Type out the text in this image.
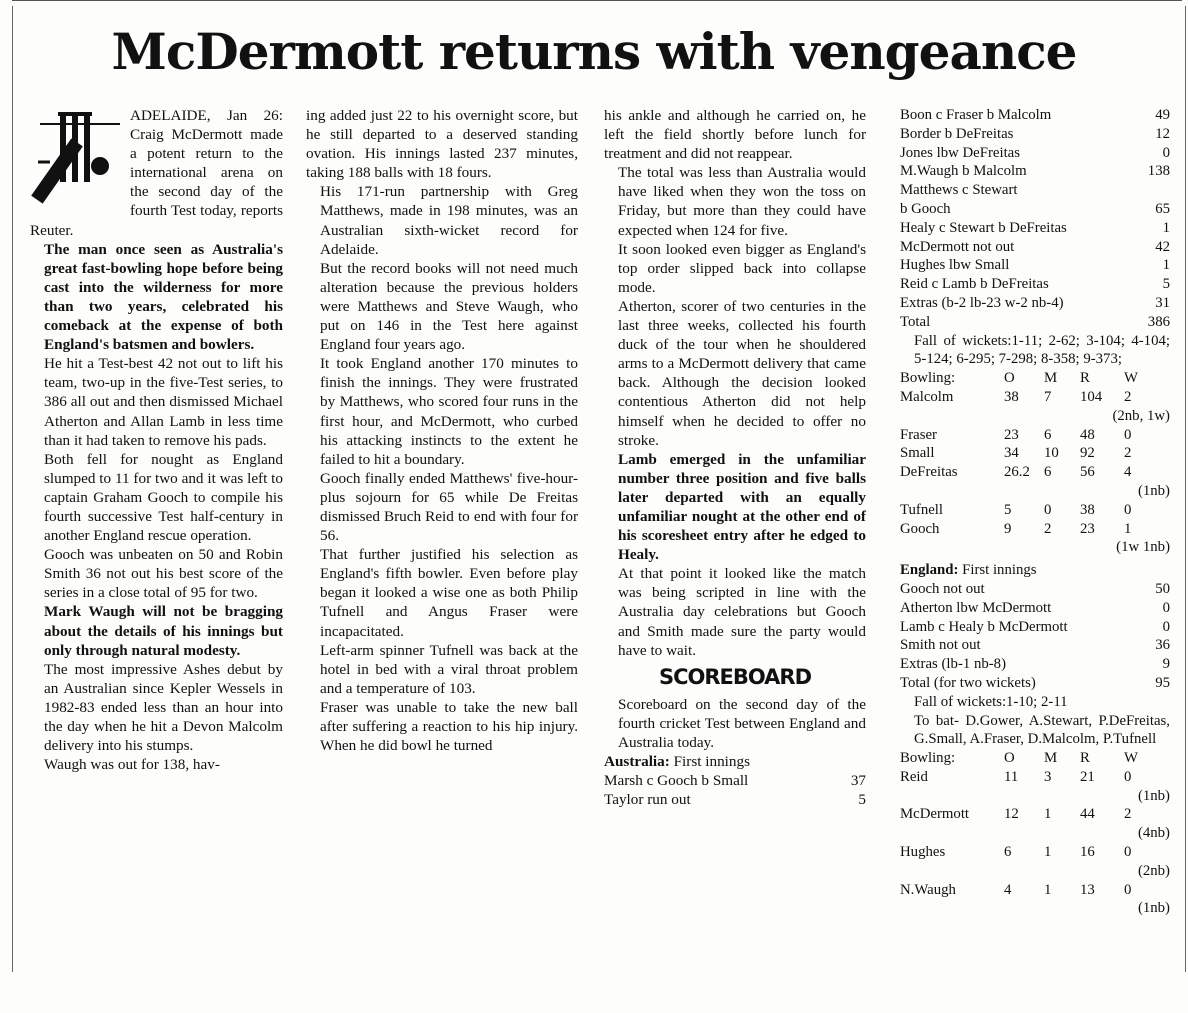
McDermott returns with vengeance

ADELAIDE, Jan 26: Craig McDermott made a potent return to the international arena on the second day of the fourth Test today, reports Reuter.

The man once seen as Australia's great fast-bowling hope before being cast into the wilderness for more than two years, celebrated his comeback at the expense of both England's batsmen and bowlers.

He hit a Test-best 42 not out to lift his team, two-up in the five-Test series, to 386 all out and then dismissed Michael Atherton and Allan Lamb in less time than it had taken to remove his pads.

Both fell for nought as England slumped to 11 for two and it was left to captain Graham Gooch to compile his fourth successive Test half-century in another England rescue operation.

Gooch was unbeaten on 50 and Robin Smith 36 not out his best score of the series in a close total of 95 for two.

Mark Waugh will not be bragging about the details of his innings but only through natural modesty.

The most impressive Ashes debut by an Australian since Kepler Wessels in 1982-83 ended less than an hour into the day when he hit a Devon Malcolm delivery into his stumps.

Waugh was out for 138, hav-

ing added just 22 to his overnight score, but he still departed to a deserved standing ovation. His innings lasted 237 minutes, taking 188 balls with 18 fours.

His 171-run partnership with Greg Matthews, made in 198 minutes, was an Australian sixth-wicket record for Adelaide.

But the record books will not need much alteration because the previous holders were Matthews and Steve Waugh, who put on 146 in the Test here against England four years ago.

It took England another 170 minutes to finish the innings. They were frustrated by Matthews, who scored four runs in the first hour, and McDermott, who curbed his attacking instincts to the extent he failed to hit a boundary.

Gooch finally ended Matthews' five-hour-plus sojourn for 65 while De Freitas dismissed Bruch Reid to end with four for 56.

That further justified his selection as England's fifth bowler. Even before play began it looked a wise one as both Philip Tufnell and Angus Fraser were incapacitated.

Left-arm spinner Tufnell was back at the hotel in bed with a viral throat problem and a temperature of 103.

Fraser was unable to take the new ball after suffering a reaction to his hip injury. When he did bowl he turned

his ankle and although he carried on, he left the field shortly before lunch for treatment and did not reappear.

The total was less than Australia would have liked when they won the toss on Friday, but more than they could have expected when 124 for five.

It soon looked even bigger as England's top order slipped back into collapse mode.

Atherton, scorer of two centuries in the last three weeks, collected his fourth duck of the tour when he shouldered arms to a McDermott delivery that came back. Although the decision looked contentious Atherton did not help himself when he decided to offer no stroke.

Lamb emerged in the unfamiliar number three position and five balls later departed with an equally unfamiliar nought at the other end of his scoresheet entry after he edged to Healy.

At that point it looked like the match was being scripted in line with the Australia day celebrations but Gooch and Smith made sure the party would have to wait.

SCOREBOARD

Scoreboard on the second day of the fourth cricket Test between England and Australia today.

Australia: First innings
Marsh c Gooch b Small	37
Taylor run out	5
Boon c Fraser b Malcolm	49
Border b DeFreitas	12
Jones lbw DeFreitas	0
M.Waugh b Malcolm	138
Matthews c Stewart
b Gooch	65
Healy c Stewart b DeFreitas	1
McDermott not out	42
Hughes lbw Small	1
Reid c Lamb b DeFreitas	5
Extras (b-2 lb-23 w-2 nb-4)	31
Total	386

Fall of wickets:1-11; 2-62; 3-104; 4-104; 5-124; 6-295; 7-298; 8-358; 9-373;

Bowling:	O	M	R	W
Malcolm	38	7	104	2
(2nb, 1w)
Fraser	23	6	48	0
Small	34	10	92	2
DeFreitas	26.2 6	56	4
(1nb)
Tufnell	5	0	38	0
Gooch	9	2	23	1
(1w 1nb)
England: First innings
Gooch not out	50
Atherton lbw McDermott	0
Lamb c Healy b McDermott	0
Smith not out	36
Extras (lb-1 nb-8)	9
Total (for two wickets)	95

Fall of wickets:1-10; 2-11

To bat- D.Gower, A.Stewart, P.DeFreitas, G.Small, A.Fraser, D.Malcolm, P.Tufnell

Bowling:	O	M	R	W
Reid	11	3	21	0
(1nb)
McDermott	12	1	44	2
(4nb)
Hughes	6	1	16	0
(2nb)
N.Waugh	4	1	13	0
(1nb)
